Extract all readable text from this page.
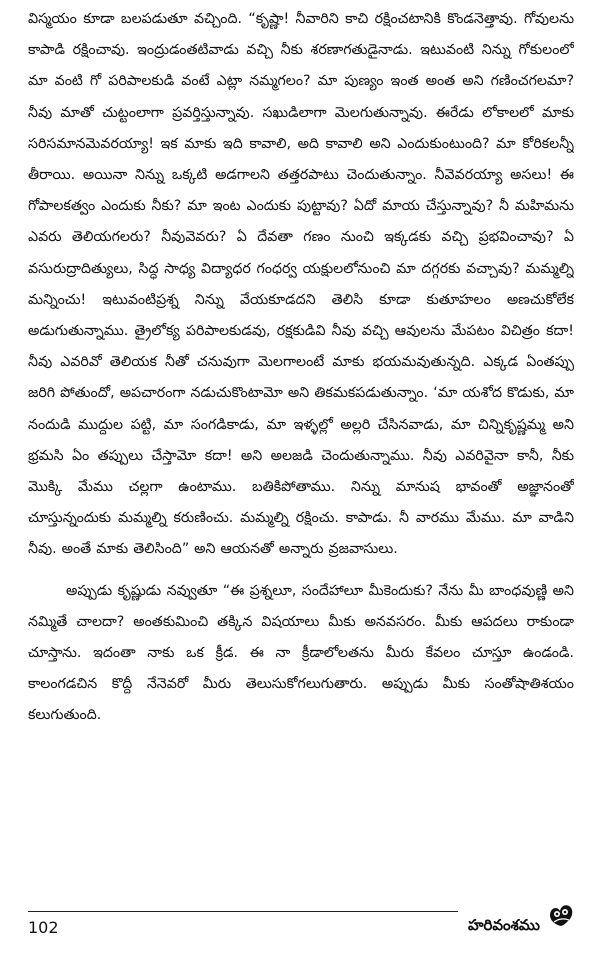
విస్మయం కూడా బలపడుతూ వచ్చింది. “కృష్ణా! నీవారిని కాచి రక్షించటానికి కొండనెత్తావు. గోవులను కాపాడి రక్షించావు. ఇంద్రుడంతటివాడు వచ్చి నీకు శరణాగతుడైనాడు. ఇటువంటి నిన్ను గోకులంలో మా వంటి గో పరిపాలకుడి వంటే ఎట్లా నమ్మగలం? మా పుణ్యం ఇంత అంత అని గణించగలమా? నీవు మాతో చుట్టంలాగా ప్రవర్తిస్తున్నావు. సఖుడిలాగా మెలగుతున్నావు. ఈరేడు లోకాలలో మాకు సరిసమానమెవరయ్యా! ఇక మాకు ఇది కావాలి, అది కావాలి అని ఎందుకుంటుంది? మా కోరికలన్నీ తీరాయి. అయినా నిన్ను ఒక్కటి అడగాలని తత్తరపాటు చెందుతున్నాం. నీవెవరయ్యా అసలు! ఈ గోపాలకత్వం ఎందుకు నీకు? మా ఇంట ఎందుకు పుట్టావు? ఏదో మాయ చేస్తున్నావు? నీ మహిమను ఎవరు తెలియగలరు? నీవువెవరు? ఏ దేవతా గణం నుంచి ఇక్కడకు వచ్చి ప్రభవించావు? ఏ వసురుద్రాదిత్యులు, సిద్ధ సాధ్య విద్యాధర గంధర్వ యక్షులలోనుంచి మా దగ్గరకు వచ్చావు? మమ్మల్ని మన్నించు! ఇటువంటిప్రశ్న నిన్ను వేయకూడదని తెలిసి కూడా కుతూహలం అణచుకోలేక అడుగుతున్నాము. త్రైలోక్య పరిపాలకుడవు, రక్షకుడివి నీవు వచ్చి ఆవులను మేపటం విచిత్రం కదా! నీవు ఎవరివో తెలియక నీతో చనువుగా మెలగాలంటే మాకు భయమవుతున్నది. ఎక్కడ ఏంతప్పు జరిగి పోతుందో, అపచారంగా నడుచుకొంటామో అని తికమకపడుతున్నాం. ‘మా యశోద కొడుకు, మా నందుడి ముద్దుల పట్టి, మా సంగడికాడు, మా ఇళ్ళల్లో అల్లరి చేసినవాడు, మా చిన్నికృష్ణమ్మ అని భ్రమసి ఏం తప్పులు చేస్తామో కదా! అని అలజడి చెందుతున్నాము. నీవు ఎవరివైనా కానీ, నీకు మొక్కి మేము చల్లగా ఉంటాము. బతికిపోతాము. నిన్ను మానుష భావంతో అజ్ఞానంతో చూస్తున్నందుకు మమ్మల్ని కరుణించు. మమ్మల్ని రక్షించు. కాపాడు. నీ వారము మేము. మా వాడిని నీవు. అంతే మాకు తెలిసింది” అని ఆయనతో అన్నారు వ్రజవాసులు.

అప్పుడు కృష్ణుడు నవ్వుతూ “ఈ ప్రశ్నలూ, సందేహాలూ మీకెందుకు? నేను మీ బాంధవుణ్ణి అని నమ్మితే చాలదా? అంతకుమించి తక్కిన విషయాలు మీకు అనవసరం. మీకు ఆపదలు రాకుండా చూస్తాను. ఇదంతా నాకు ఒక క్రీడ. ఈ నా క్రీడాలోలతను మీరు కేవలం చూస్తూ ఉండండి. కాలంగడచిన కొద్దీ నేనెవరో మీరు తెలుసుకోగలుగుతారు. అప్పుడు మీకు సంతోషాతిశయం కలుగుతుంది.

102	హరివంశము
